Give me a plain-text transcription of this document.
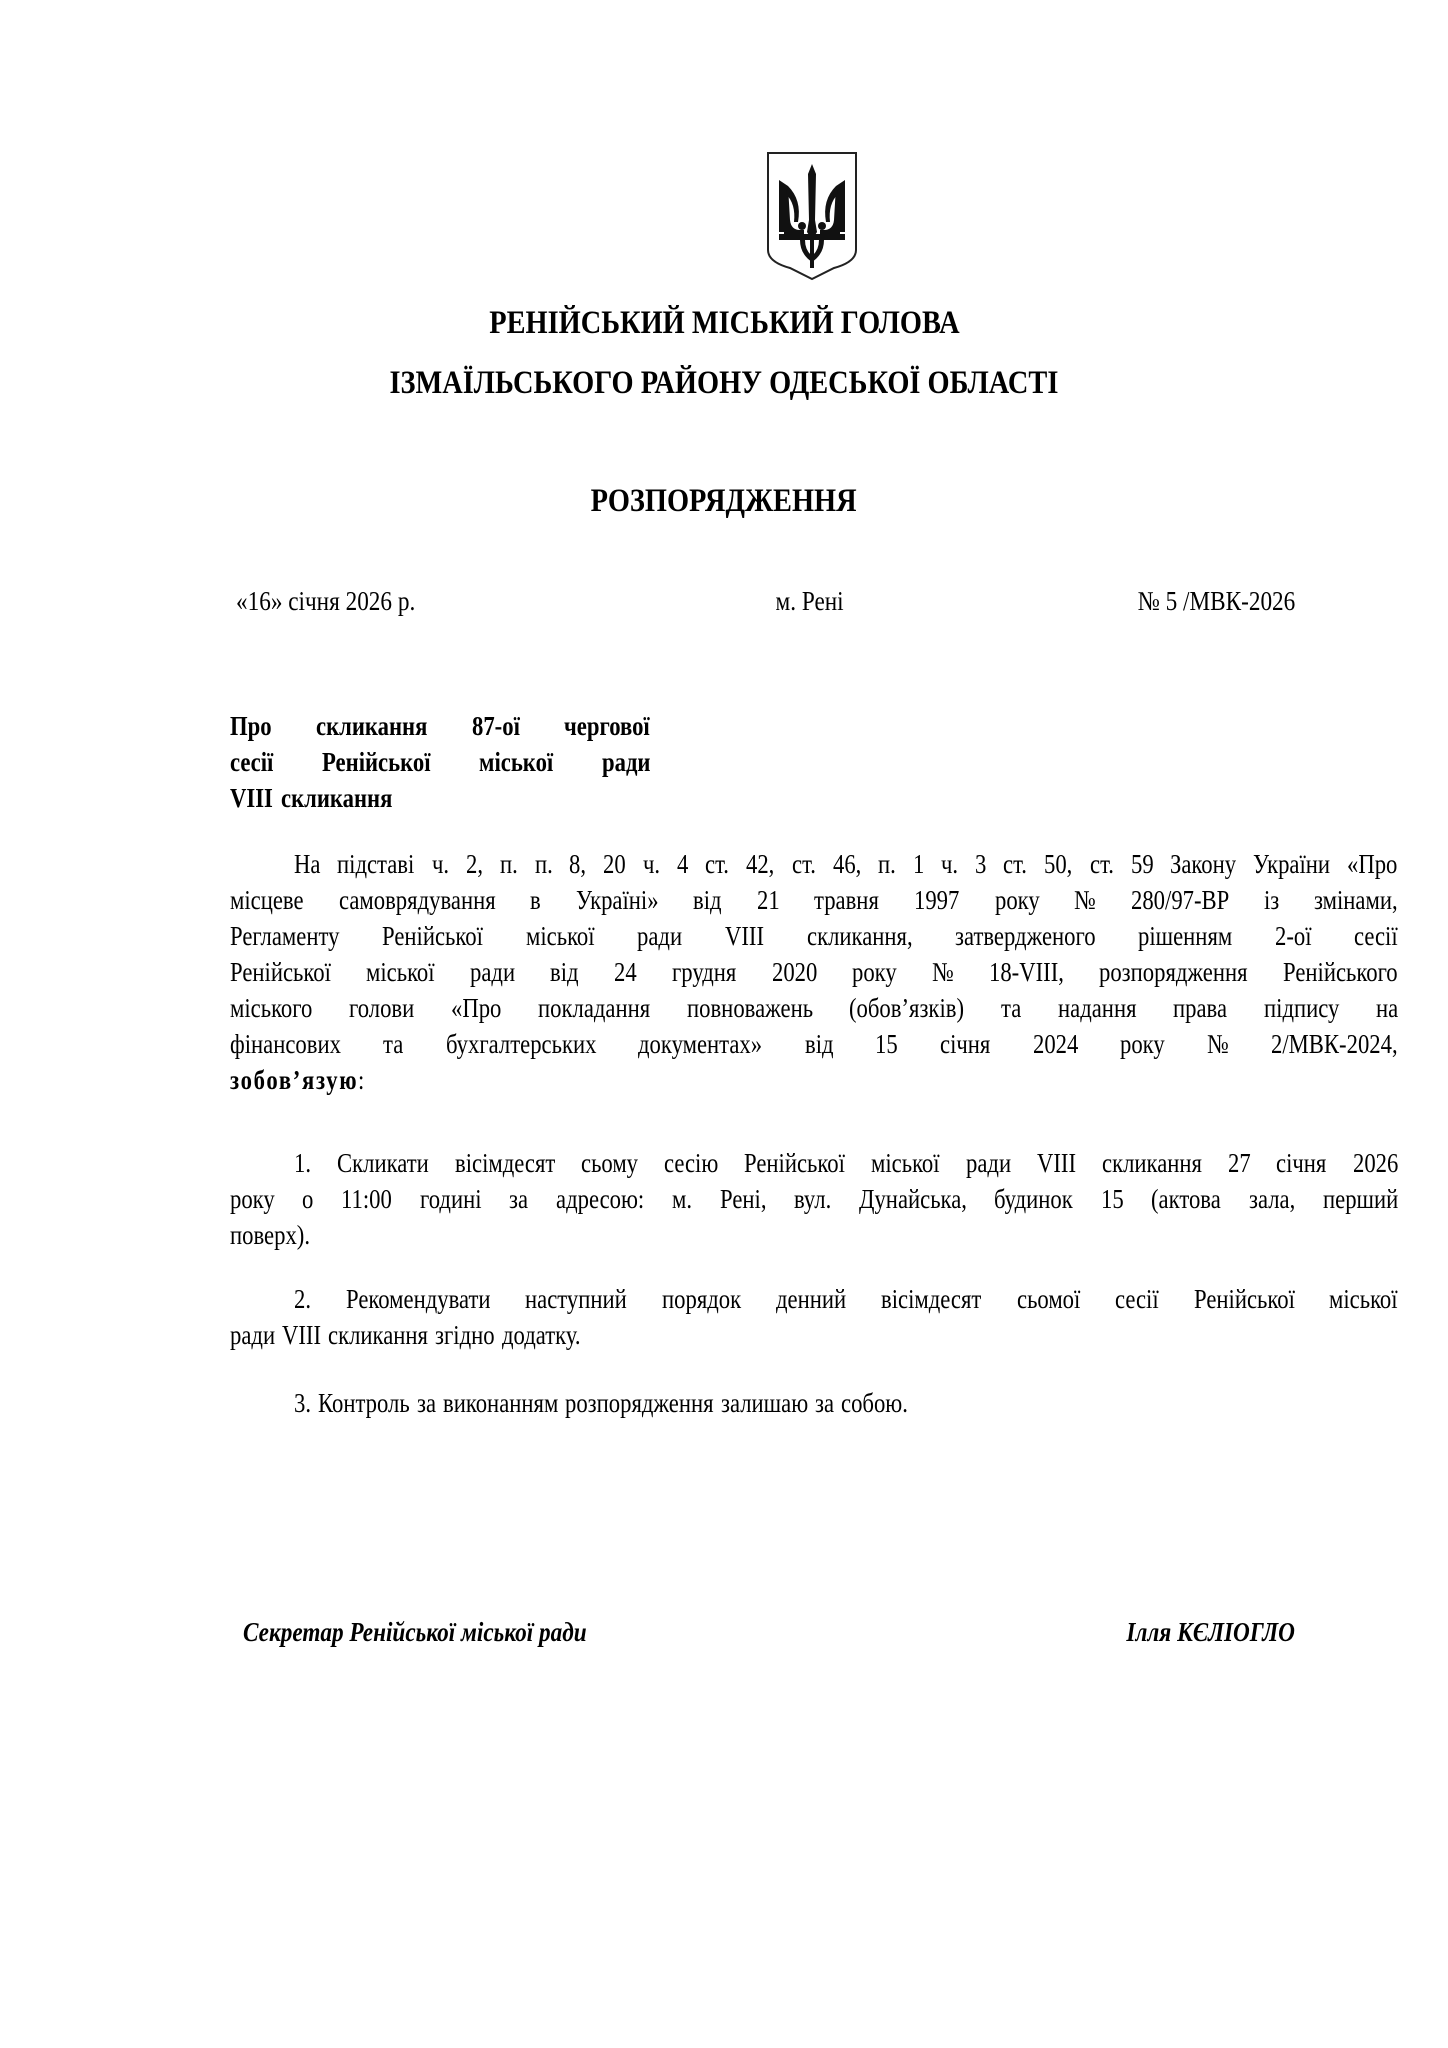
РЕНІЙСЬКИЙ МІСЬКИЙ ГОЛОВА
ІЗМАЇЛЬСЬКОГО РАЙОНУ ОДЕСЬКОЇ ОБЛАСТІ
РОЗПОРЯДЖЕННЯ
«16» січня 2026 р.	м. Рені	№ 5 /МВК-2026
Про скликання 87-ої чергової
сесії Ренійської міської ради
VIII скликання
На підставі ч. 2, п. п. 8, 20 ч. 4 ст. 42, ст. 46, п. 1 ч. 3 ст. 50, ст. 59 Закону України «Про
місцеве самоврядування в Україні» від 21 травня 1997 року № 280/97-ВР із змінами,
Регламенту Ренійської міської ради VIII скликання, затвердженого рішенням 2-ої сесії
Ренійської міської ради від 24 грудня 2020 року № 18-VIII, розпорядження Ренійського
міського голови «Про покладання повноважень (обов’язків) та надання права підпису на
фінансових та бухгалтерських документах» від 15 січня 2024 року № 2/МВК-2024,
зобов’язую :
1. Скликати вісімдесят сьому сесію Ренійської міської ради VIII скликання 27 січня 2026
року о 11:00 годині за адресою: м. Рені, вул. Дунайська, будинок 15 (актова зала, перший
поверх).
2. Рекомендувати наступний порядок денний вісімдесят сьомої сесії Ренійської міської
ради VIII скликання згідно додатку.
3. Контроль за виконанням розпорядження залишаю за собою.
Секретар Ренійської міської ради	Ілля КЄЛІОГЛО
